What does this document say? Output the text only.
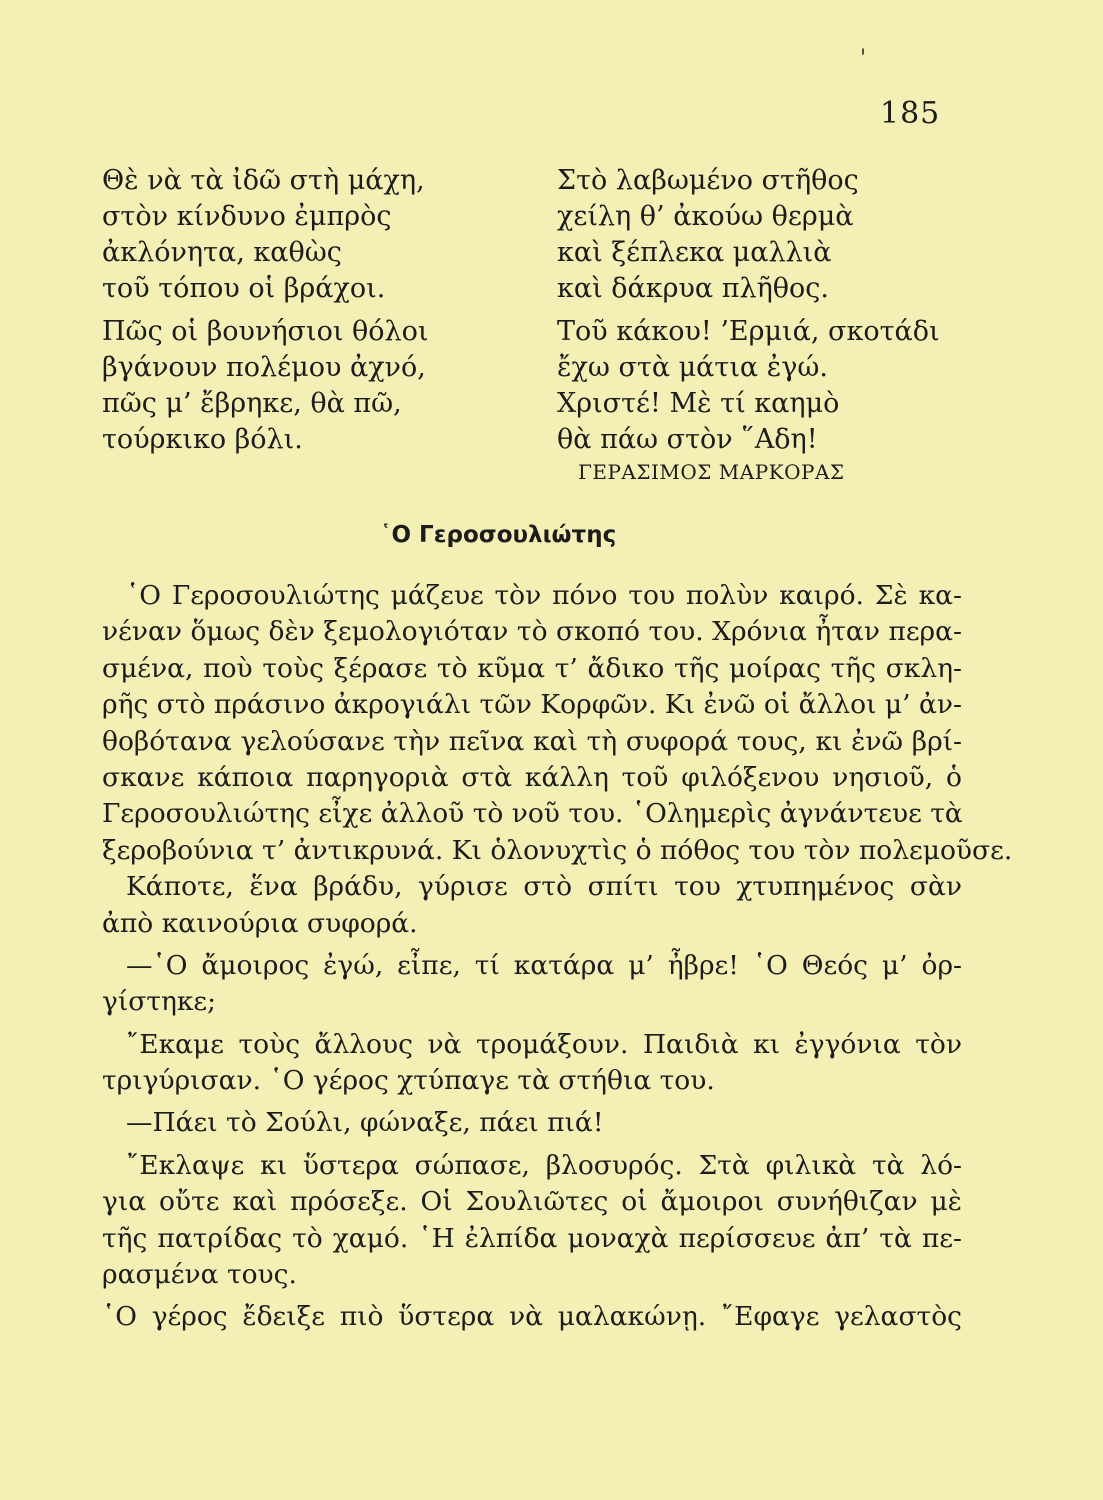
'
185
Θὲ νὰ τὰ ἰδῶ στὴ μάχη,
στὸν κίνδυνο ἐμπρὸς
ἀκλόνητα, καθὼς
τοῦ τόπου οἱ βράχοι.
Πῶς οἱ βουνήσιοι θόλοι
βγάνουν πολέμου ἀχνό,
πῶς μ’ ἔβρηκε, θὰ πῶ,
τούρκικο βόλι.
Στὸ λαβωμένο στῆθος
χείλη θ’ ἀκούω θερμὰ
καὶ ξέπλεκα μαλλιὰ
καὶ δάκρυα πλῆθος.
Τοῦ κάκου! ’Ερμιά, σκοτάδι
ἔχω στὰ μάτια ἐγώ.
Χριστέ! Μὲ τί καημὸ
θὰ πάω στὸν ῞Αδη!
ΓΕΡΑΣΙΜΟΣ ΜΑΡΚΟΡΑΣ
῾Ο Γεροσουλιώτης
῾Ο Γεροσουλιώτης μάζευε τὸν πόνο του πολὺν καιρό. Σὲ κα-
νέναν ὅμως δὲν ξεμολογιόταν τὸ σκοπό του. Χρόνια ἦταν περα-
σμένα, ποὺ τοὺς ξέρασε τὸ κῦμα τ’ ἄδικο τῆς μοίρας τῆς σκλη-
ρῆς στὸ πράσινο ἀκρογιάλι τῶν Κορφῶν. Κι ἐνῶ οἱ ἄλλοι μ’ ἀν-
θοβότανα γελούσανε τὴν πεῖνα καὶ τὴ συφορά τους, κι ἐνῶ βρί-
σκανε κάποια παρηγοριὰ στὰ κάλλη τοῦ φιλόξενου νησιοῦ, ὁ
Γεροσουλιώτης εἶχε ἀλλοῦ τὸ νοῦ του. ῾Ολημερὶς ἀγνάντευε τὰ
ξεροβούνια τ’ ἀντικρυνά. Κι ὁλονυχτὶς ὁ πόθος του τὸν πολεμοῦσε.
Κάποτε, ἕνα βράδυ, γύρισε στὸ σπίτι του χτυπημένος σὰν
ἀπὸ καινούρια συφορά.
—῾Ο ἄμοιρος ἐγώ, εἶπε, τί κατάρα μ’ ἦβρε! ῾Ο Θεός μ’ ὀρ-
γίστηκε;
῎Εκαμε τοὺς ἄλλους νὰ τρομάξουν. Παιδιὰ κι ἐγγόνια τὸν
τριγύρισαν. ῾Ο γέρος χτύπαγε τὰ στήθια του.
—Πάει τὸ Σούλι, φώναξε, πάει πιά!
῎Εκλαψε κι ὕστερα σώπασε, βλοσυρός. Στὰ φιλικὰ τὰ λό-
για οὔτε καὶ πρόσεξε. Οἱ Σουλιῶτες οἱ ἄμοιροι συνήθιζαν μὲ
τῆς πατρίδας τὸ χαμό. ῾Η ἐλπίδα μοναχὰ περίσσευε ἀπ’ τὰ πε-
ρασμένα τους.
῾Ο γέρος ἔδειξε πιὸ ὕστερα νὰ μαλακώνῃ. ῎Εφαγε γελαστὸς
